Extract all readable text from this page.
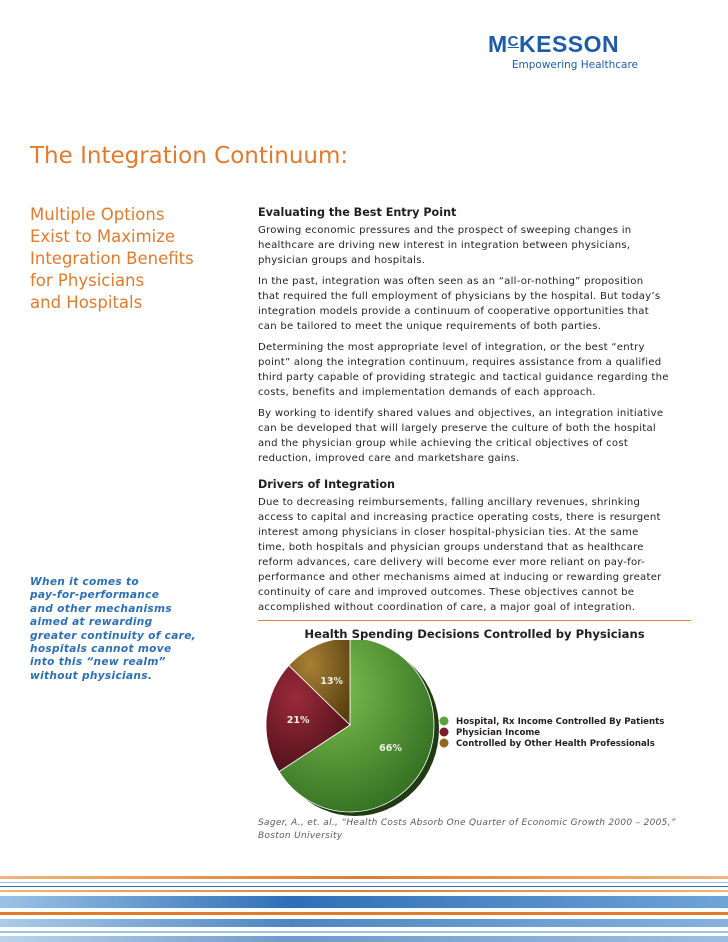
$M^CKESSON$
Empowering Healthcare
The Integration Continuum:
Multiple Options
Exist to Maximize
Integration Benefits
for Physicians
and Hospitals
When it comes to
pay-for-performance
and other mechanisms
aimed at rewarding
greater continuity of care,
hospitals cannot move
into this “new realm”
without physicians.
Evaluating the Best Entry Point
Growing economic pressures and the prospect of sweeping changes in
healthcare are driving new interest in integration between physicians,
physician groups and hospitals.
In the past, integration was often seen as an “all-or-nothing” proposition
that required the full employment of physicians by the hospital. But today’s
integration models provide a continuum of cooperative opportunities that
can be tailored to meet the unique requirements of both parties.
Determining the most appropriate level of integration, or the best “entry
point” along the integration continuum, requires assistance from a qualified
third party capable of providing strategic and tactical guidance regarding the
costs, benefits and implementation demands of each approach.
By working to identify shared values and objectives, an integration initiative
can be developed that will largely preserve the culture of both the hospital
and the physician group while achieving the critical objectives of cost
reduction, improved care and marketshare gains.
Drivers of Integration
Due to decreasing reimbursements, falling ancillary revenues, shrinking
access to capital and increasing practice operating costs, there is resurgent
interest among physicians in closer hospital-physician ties. At the same
time, both hospitals and physician groups understand that as healthcare
reform advances, care delivery will become ever more reliant on pay-for-
performance and other mechanisms aimed at inducing or rewarding greater
continuity of care and improved outcomes. These objectives cannot be
accomplished without coordination of care, a major goal of integration.
Health Spending Decisions Controlled by Physicians
66%
21%
13%
Hospital, Rx Income Controlled By Patients
Physician Income
Controlled by Other Health Professionals
Sager, A., et. al., “Health Costs Absorb One Quarter of Economic Growth 2000 – 2005,”
Boston University
